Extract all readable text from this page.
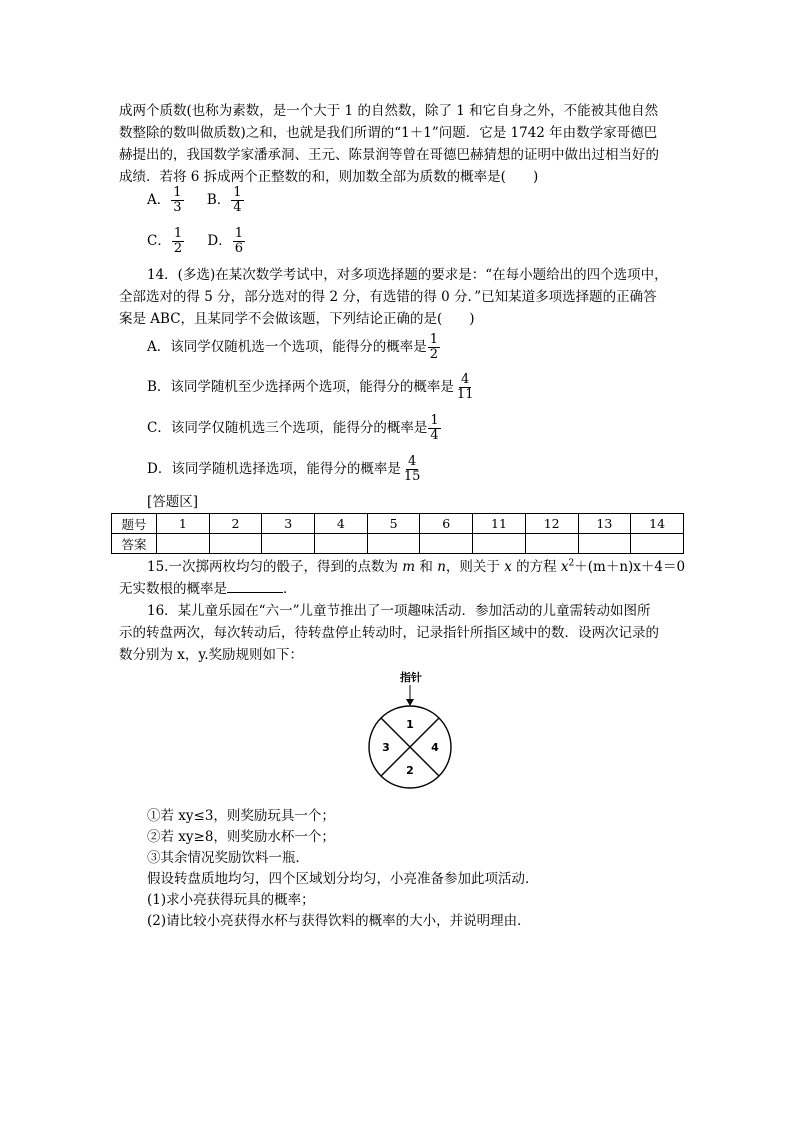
成两个质数(也称为素数，是一个大于 1 的自然数，除了 1 和它自身之外，不能被其他自然
数整除的数叫做质数)之和，也就是我们所谓的“1＋1”问题．它是 1742 年由数学家哥德巴
赫提出的，我国数学家潘承洞、王元、陈景润等曾在哥德巴赫猜想的证明中做出过相当好的
成绩．若将 6 拆成两个正整数的和，则加数全部为质数的概率是(　　)
A． $\frac{1}{3}$
B． $\frac{1}{4}$
C． $\frac{1}{2}$
D． $\frac{1}{6}$
14．(多选)在某次数学考试中，对多项选择题的要求是：“在每小题给出的四个选项中，
全部选对的得 5 分，部分选对的得 2 分，有选错的得 0 分．”已知某道多项选择题的正确答
案是 ABC，且某同学不会做该题，下列结论正确的是(　　)
A．该同学仅随机选一个选项，能得分的概率是 $\frac{1}{2}$
B．该同学随机至少选择两个选项，能得分的概率是 $\frac{4}{11}$
C．该同学仅随机选三个选项，能得分的概率是 $\frac{1}{4}$
D．该同学随机选择选项，能得分的概率是 $\frac{4}{15}$
[答题区]
题号	1	2	3	4	5	6	11	12	13	14
答案										
15.一次掷两枚均匀的骰子，得到的点数为 m 和 n，则关于 x 的方程 $x^2+(m+n)x+4=0$
无实数根的概率是	．
16．某儿童乐园在“六一”儿童节推出了一项趣味活动．参加活动的儿童需转动如图所
示的转盘两次，每次转动后，待转盘停止转动时，记录指针所指区域中的数．设两次记录的
数分别为 x，y.奖励规则如下：
指针
1
2
3	4
①若 xy≤3，则奖励玩具一个；
②若 xy≥8，则奖励水杯一个；
③其余情况奖励饮料一瓶．
假设转盘质地均匀，四个区域划分均匀，小亮准备参加此项活动．
(1)求小亮获得玩具的概率；
(2)请比较小亮获得水杯与获得饮料的概率的大小，并说明理由．
